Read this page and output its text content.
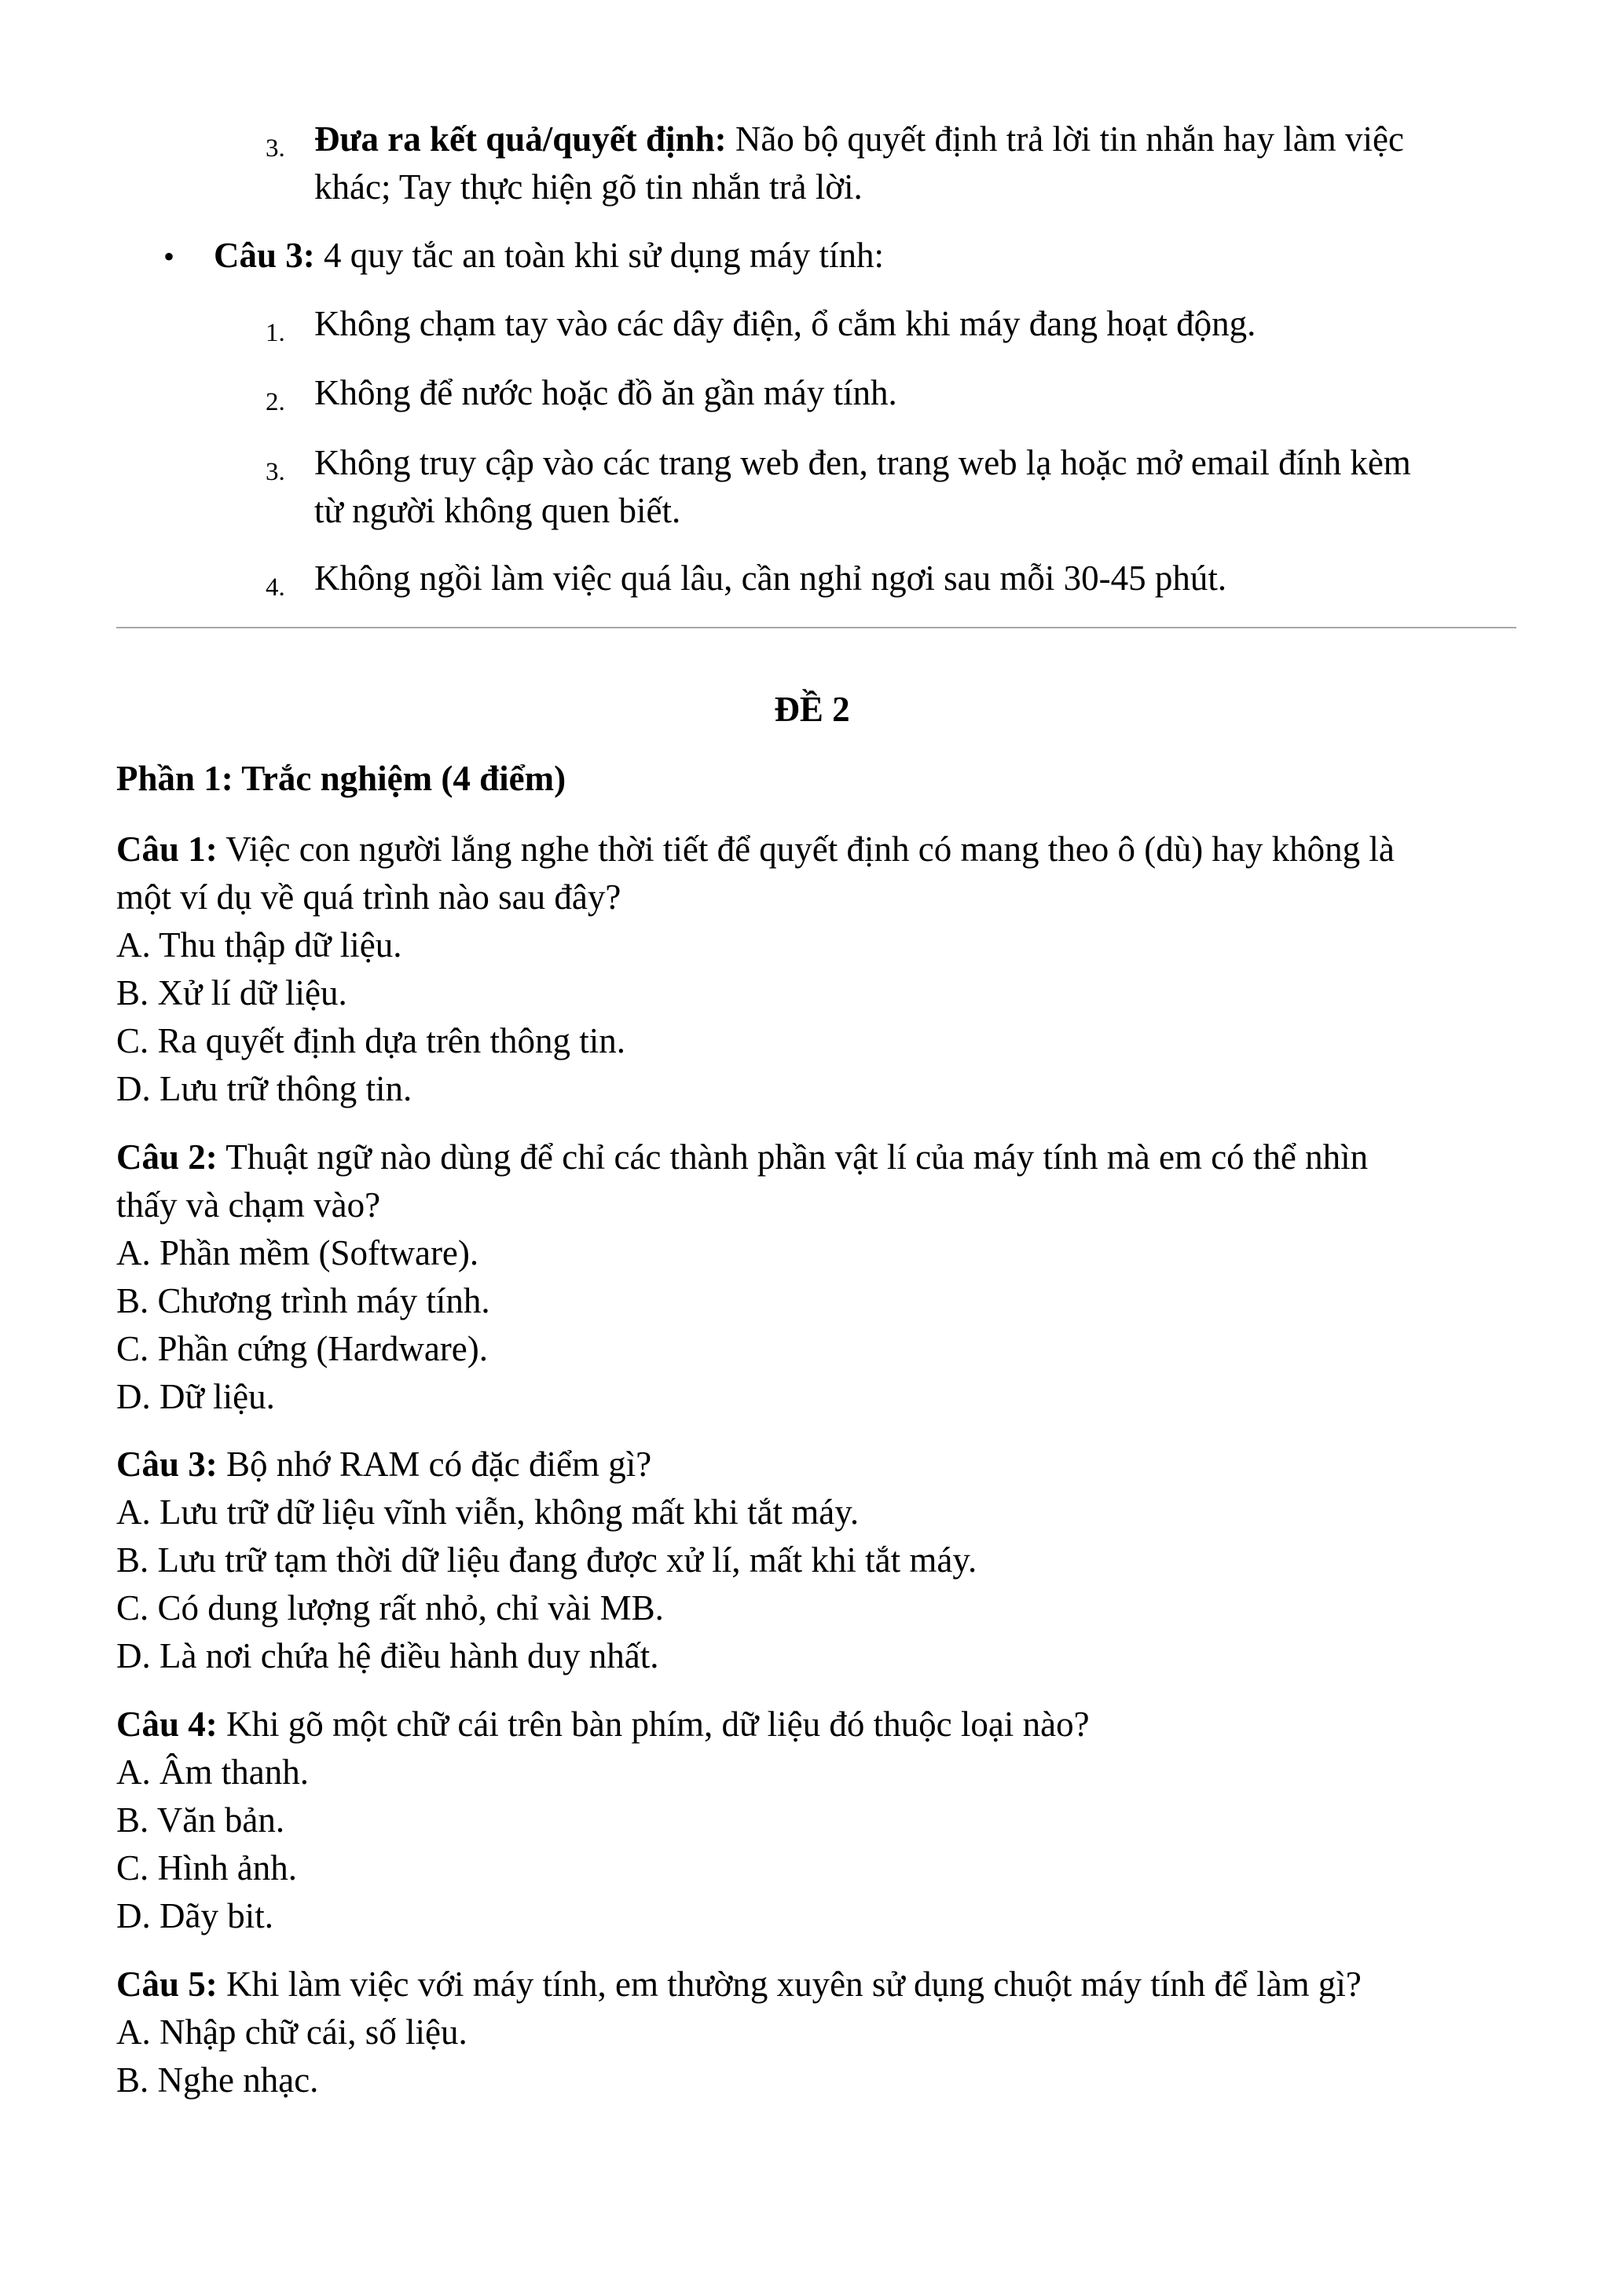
3. Đưa ra kết quả/quyết định: Não bộ quyết định trả lời tin nhắn hay làm việc
khác; Tay thực hiện gõ tin nhắn trả lời.
• Câu 3: 4 quy tắc an toàn khi sử dụng máy tính:
1. Không chạm tay vào các dây điện, ổ cắm khi máy đang hoạt động.
2. Không để nước hoặc đồ ăn gần máy tính.
3. Không truy cập vào các trang web đen, trang web lạ hoặc mở email đính kèm
từ người không quen biết.
4. Không ngồi làm việc quá lâu, cần nghỉ ngơi sau mỗi 30-45 phút.
ĐỀ 2
Phần 1: Trắc nghiệm (4 điểm)
Câu 1: Việc con người lắng nghe thời tiết để quyết định có mang theo ô (dù) hay không là
một ví dụ về quá trình nào sau đây?
A. Thu thập dữ liệu.
B. Xử lí dữ liệu.
C. Ra quyết định dựa trên thông tin.
D. Lưu trữ thông tin.
Câu 2: Thuật ngữ nào dùng để chỉ các thành phần vật lí của máy tính mà em có thể nhìn
thấy và chạm vào?
A. Phần mềm (Software).
B. Chương trình máy tính.
C. Phần cứng (Hardware).
D. Dữ liệu.
Câu 3: Bộ nhớ RAM có đặc điểm gì?
A. Lưu trữ dữ liệu vĩnh viễn, không mất khi tắt máy.
B. Lưu trữ tạm thời dữ liệu đang được xử lí, mất khi tắt máy.
C. Có dung lượng rất nhỏ, chỉ vài MB.
D. Là nơi chứa hệ điều hành duy nhất.
Câu 4: Khi gõ một chữ cái trên bàn phím, dữ liệu đó thuộc loại nào?
A. Âm thanh.
B. Văn bản.
C. Hình ảnh.
D. Dãy bit.
Câu 5: Khi làm việc với máy tính, em thường xuyên sử dụng chuột máy tính để làm gì?
A. Nhập chữ cái, số liệu.
B. Nghe nhạc.
